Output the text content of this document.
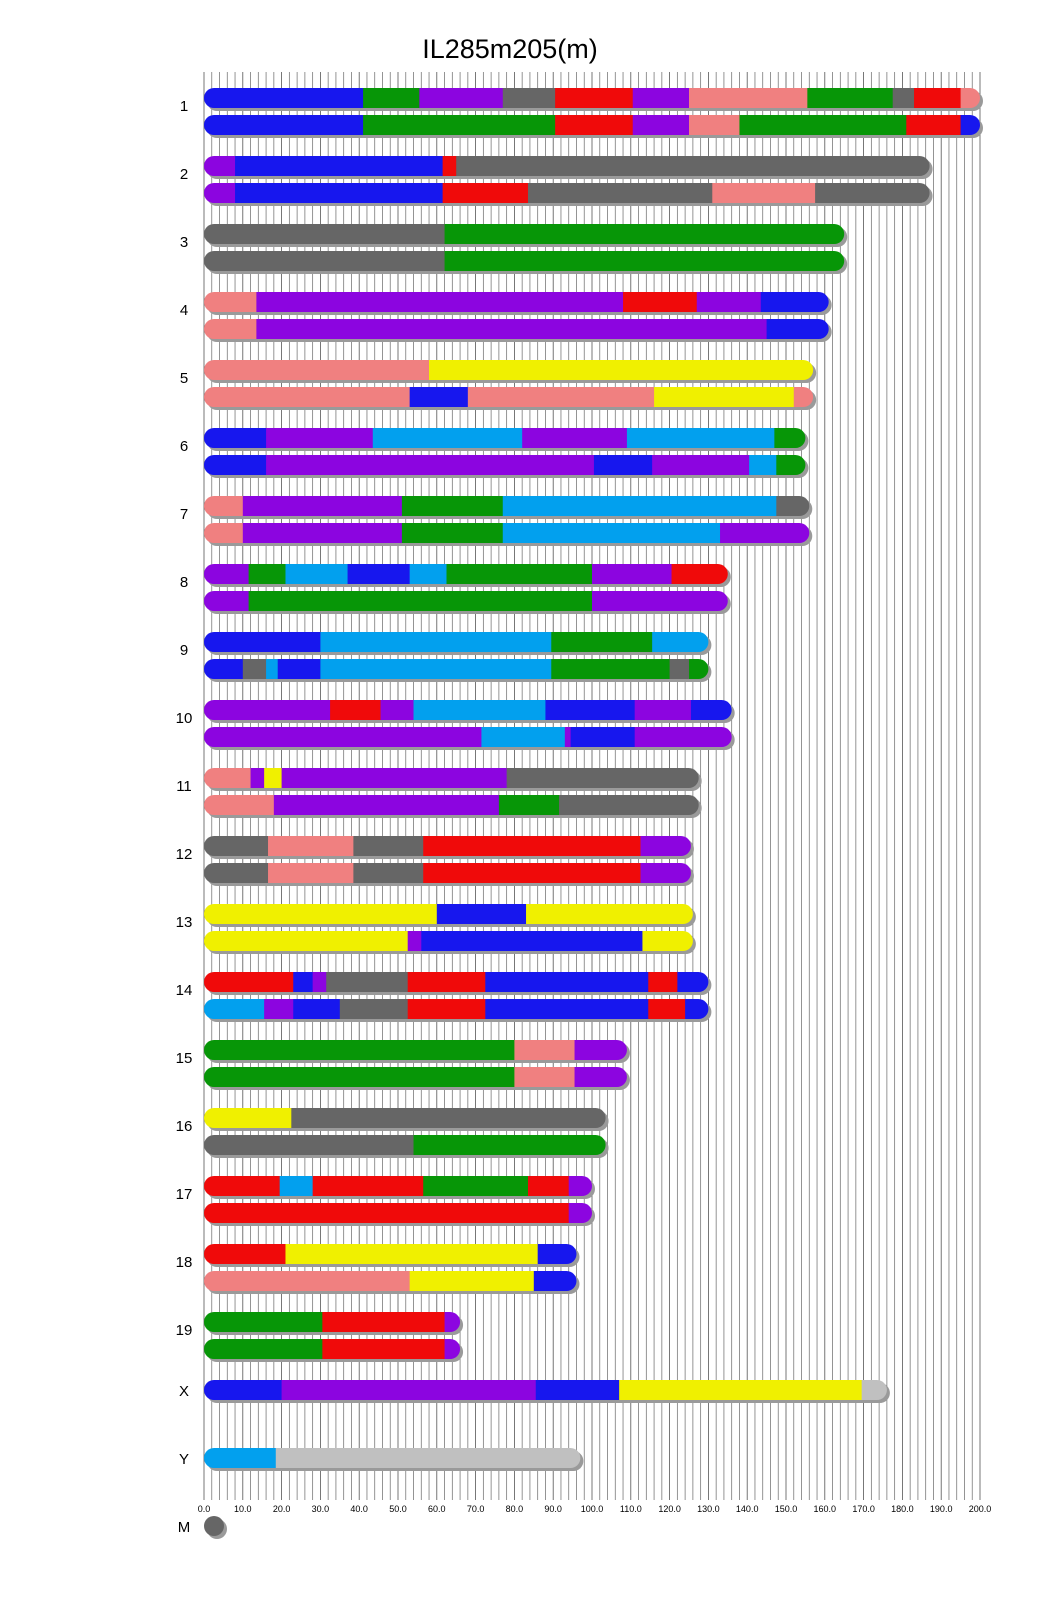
0.0	10.0 20.0 30.0 40.0 50.0 60.0 70.0 80.0 90.0 100.0 110.0 120.0 130.0 140.0 150.0 160.0 170.0 180.0 190.0 200.0
1
2
3
4
5
6
7
8
9
10
11
12
13
14
15
16
17
18
19
X
Y
M
IL285m205(m)
